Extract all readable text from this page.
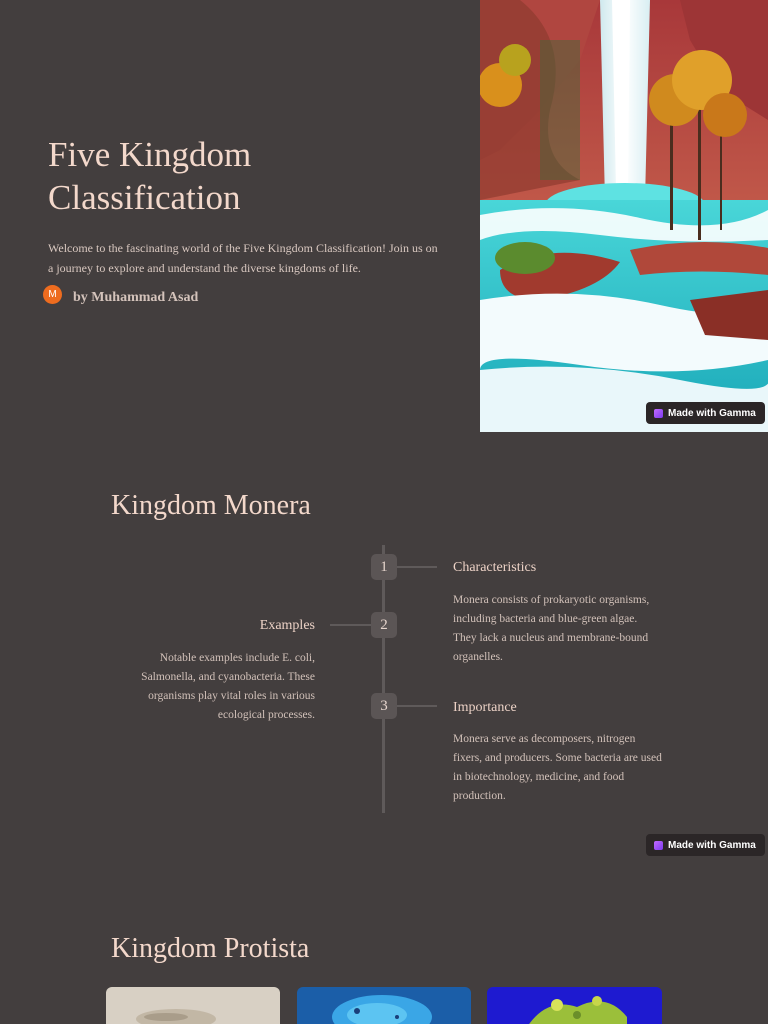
Five Kingdom
Classification

Welcome to the fascinating world of the Five Kingdom Classification! Join us on a journey to explore and understand the diverse kingdoms of life.

M	by Muhammad Asad
Made with Gamma
Kingdom Monera
1	Characteristics

Monera consists of prokaryotic organisms, including bacteria and blue-green algae. They lack a nucleus and membrane-bound organelles.

2
Examples

Notable examples include E. coli, Salmonella, and cyanobacteria. These organisms play vital roles in various ecological processes.

3	Importance

Monera serve as decomposers, nitrogen fixers, and producers. Some bacteria are used in biotechnology, medicine, and food production.

Made with Gamma
Kingdom Protista
